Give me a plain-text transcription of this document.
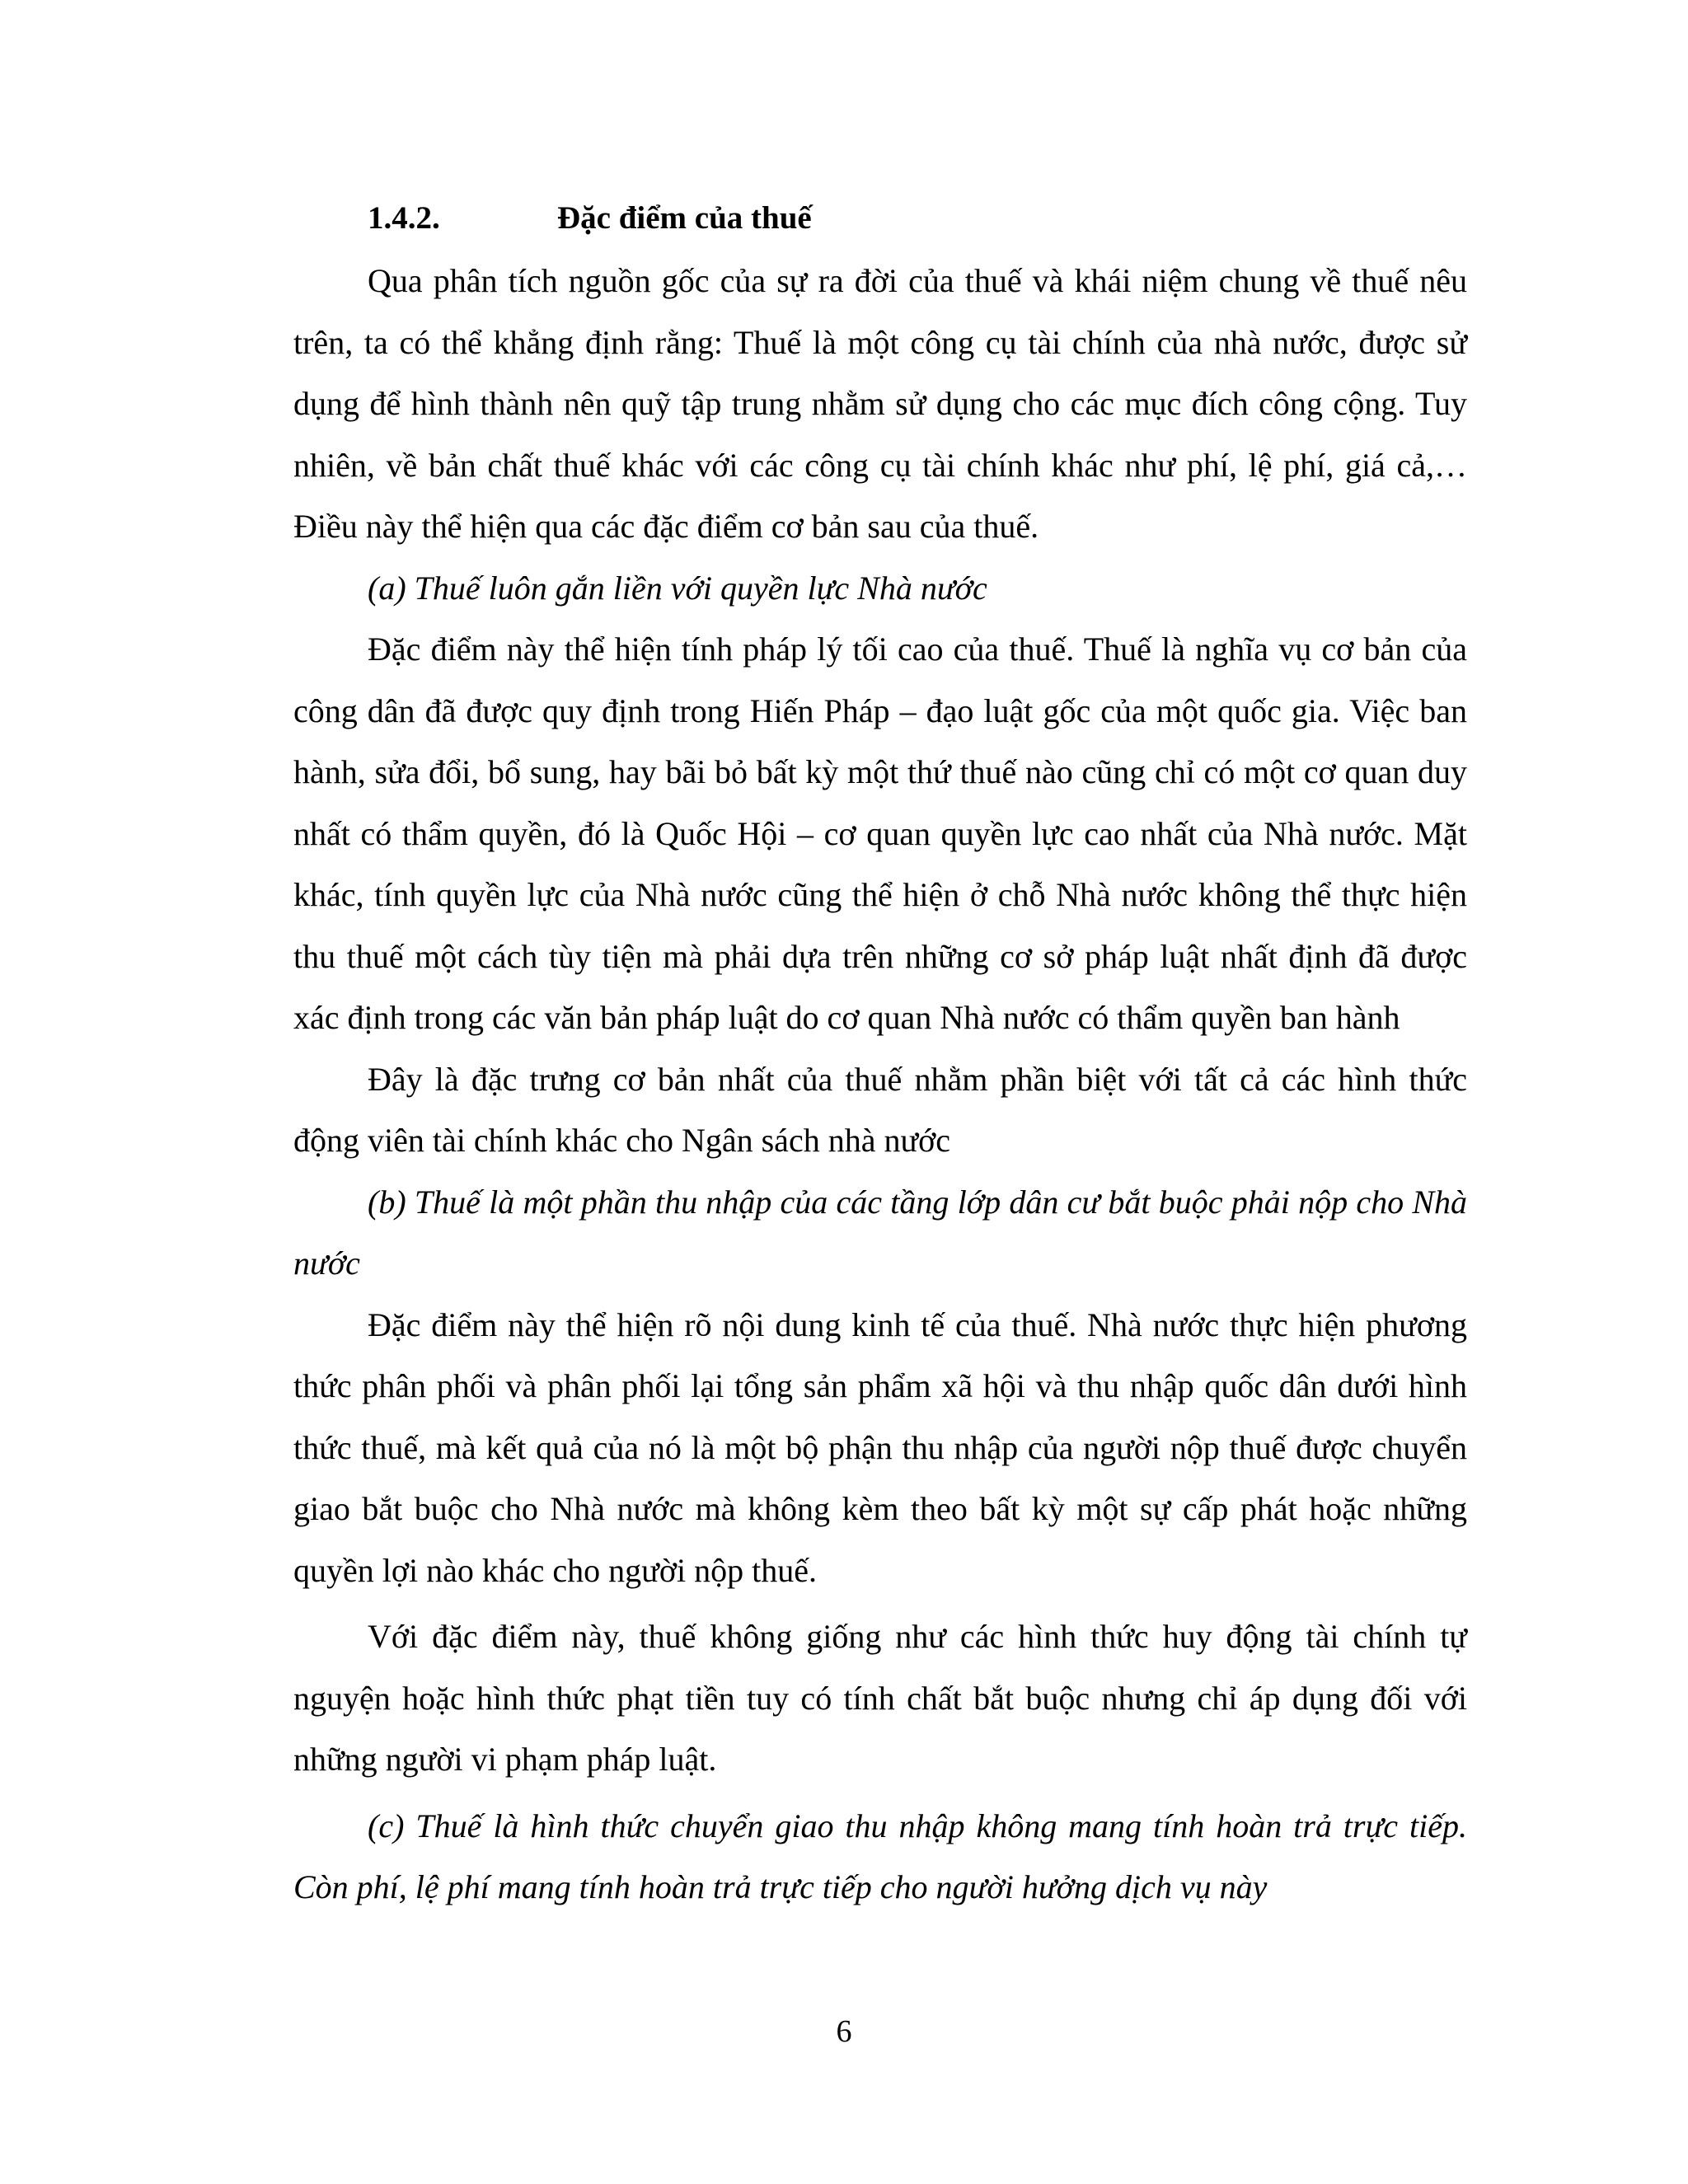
1.4.2.	Đặc điểm của thuế

Qua phân tích nguồn gốc của sự ra đời của thuế và khái niệm chung về thuế nêu trên, ta có thể khẳng định rằng: Thuế là một công cụ tài chính của nhà nước, được sử dụng để hình thành nên quỹ tập trung nhằm sử dụng cho các mục đích công cộng. Tuy nhiên, về bản chất thuế khác với các công cụ tài chính khác như phí, lệ phí, giá cả,…Điều này thể hiện qua các đặc điểm cơ bản sau của thuế.

(a) Thuế luôn gắn liền với quyền lực Nhà nước

Đặc điểm này thể hiện tính pháp lý tối cao của thuế. Thuế là nghĩa vụ cơ bản của công dân đã được quy định trong Hiến Pháp – đạo luật gốc của một quốc gia. Việc ban hành, sửa đổi, bổ sung, hay bãi bỏ bất kỳ một thứ thuế nào cũng chỉ có một cơ quan duy nhất có thẩm quyền, đó là Quốc Hội – cơ quan quyền lực cao nhất của Nhà nước. Mặt khác, tính quyền lực của Nhà nước cũng thể hiện ở chỗ Nhà nước không thể thực hiện thu thuế một cách tùy tiện mà phải dựa trên những cơ sở pháp luật nhất định đã được xác định trong các văn bản pháp luật do cơ quan Nhà nước có thẩm quyền ban hành

Đây là đặc trưng cơ bản nhất của thuế nhằm phần biệt với tất cả các hình thức động viên tài chính khác cho Ngân sách nhà nước

(b) Thuế là một phần thu nhập của các tầng lớp dân cư bắt buộc phải nộp cho Nhà nước

Đặc điểm này thể hiện rõ nội dung kinh tế của thuế. Nhà nước thực hiện phương thức phân phối và phân phối lại tổng sản phẩm xã hội và thu nhập quốc dân dưới hình thức thuế, mà kết quả của nó là một bộ phận thu nhập của người nộp thuế được chuyển giao bắt buộc cho Nhà nước mà không kèm theo bất kỳ một sự cấp phát hoặc những quyền lợi nào khác cho người nộp thuế.

Với đặc điểm này, thuế không giống như các hình thức huy động tài chính tự nguyện hoặc hình thức phạt tiền tuy có tính chất bắt buộc nhưng chỉ áp dụng đối với những người vi phạm pháp luật.

(c) Thuế là hình thức chuyển giao thu nhập không mang tính hoàn trả trực tiếp. Còn phí, lệ phí mang tính hoàn trả trực tiếp cho người hưởng dịch vụ này

6
